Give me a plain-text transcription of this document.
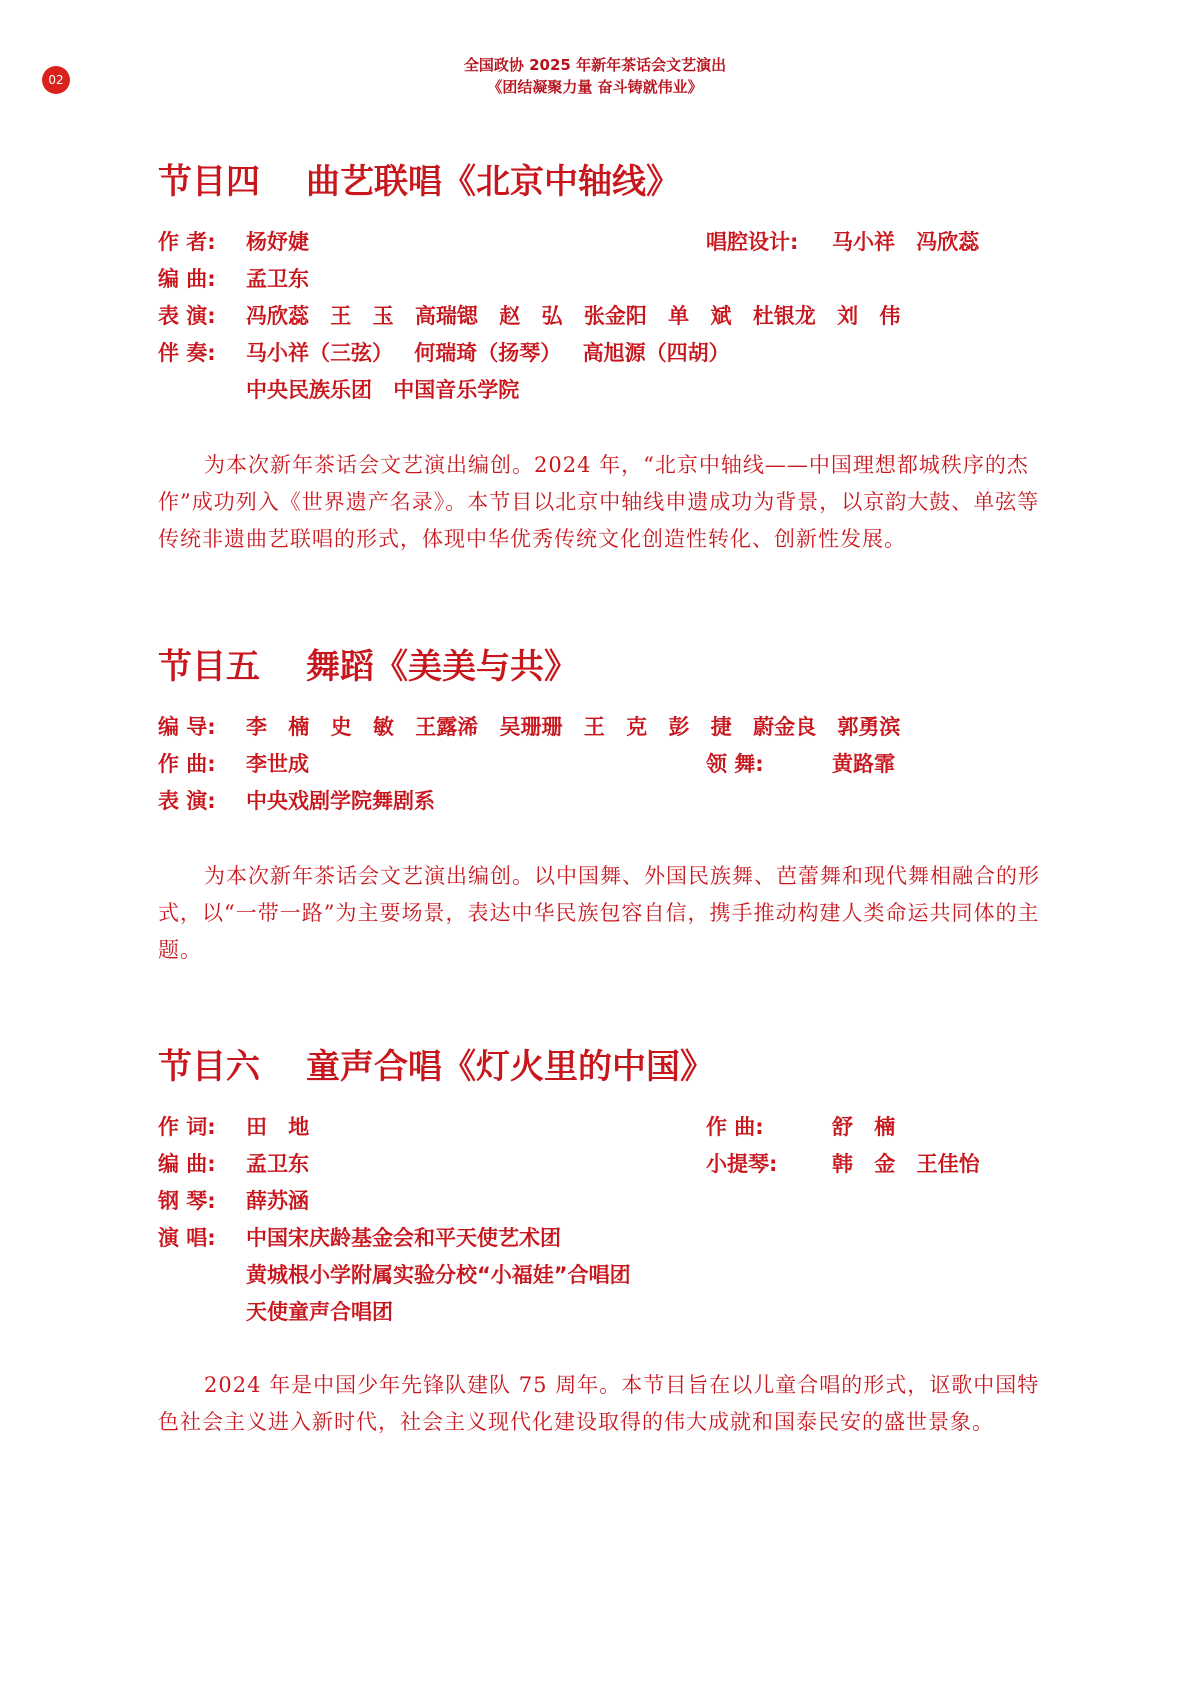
02
全国政协 2025 年新年茶话会文艺演出
《团结凝聚力量 奋斗铸就伟业》
节目四 曲艺联唱《北京中轴线》
作 者: 杨妤婕	唱腔设计: 马小祥 冯欣蕊
编 曲: 孟卫东
表 演: 冯欣蕊 王 玉 高瑞锶 赵 弘 张金阳 单 斌 杜银龙 刘 伟
伴 奏: 马小祥（三弦） 何瑞琦（扬琴） 高旭源（四胡）
中央民族乐团 中国音乐学院

为本次新年茶话会文艺演出编创。2024 年，“北京中轴线——中国理想都城秩序的杰作”成功列入《世界遗产名录》。本节目以北京中轴线申遗成功为背景，以京韵大鼓、单弦等传统非遗曲艺联唱的形式，体现中华优秀传统文化创造性转化、创新性发展。

节目五 舞蹈《美美与共》
编 导: 李 楠 史 敏 王露浠 吴珊珊 王 克 彭 捷 蔚金良 郭勇滨
作 曲: 李世成	领 舞:	黄路霏
表 演: 中央戏剧学院舞剧系

为本次新年茶话会文艺演出编创。以中国舞、外国民族舞、芭蕾舞和现代舞相融合的形式，以“一带一路”为主要场景，表达中华民族包容自信，携手推动构建人类命运共同体的主题。

节目六 童声合唱《灯火里的中国》
作 词: 田 地	作 曲:	舒 楠
编 曲: 孟卫东	小提琴:	韩 金 王佳怡
钢 琴: 薛苏涵
演 唱: 中国宋庆龄基金会和平天使艺术团
黄城根小学附属实验分校“小福娃”合唱团
天使童声合唱团

2024 年是中国少年先锋队建队 75 周年。本节目旨在以儿童合唱的形式，讴歌中国特色社会主义进入新时代，社会主义现代化建设取得的伟大成就和国泰民安的盛世景象。
